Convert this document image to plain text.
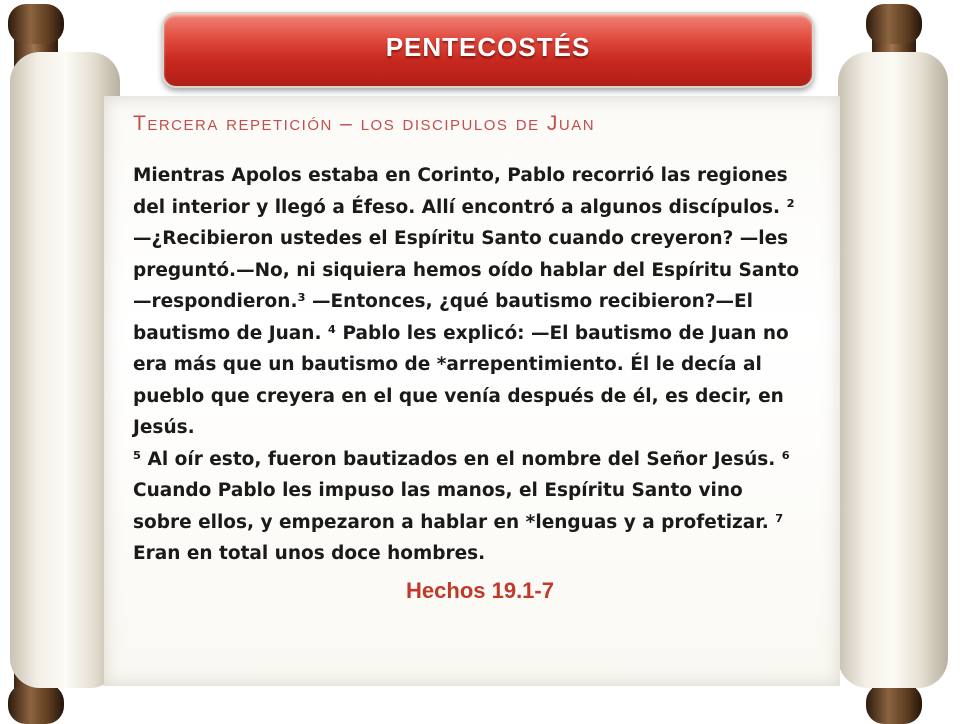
PENTECOSTÉS
Tercera repetición – los discipulos de Juan

Mientras Apolos estaba en Corinto, Pablo recorrió las regiones del interior y llegó a Éfeso. Allí encontró a algunos discípulos. ² —¿Recibieron ustedes el Espíritu Santo cuando creyeron? —les preguntó.—No, ni siquiera hemos oído hablar del Espíritu Santo —respondieron.³ —Entonces, ¿qué bautismo recibieron?—El bautismo de Juan. ⁴ Pablo les explicó: —El bautismo de Juan no era más que un bautismo de *arrepentimiento. Él le decía al pueblo que creyera en el que venía después de él, es decir, en Jesús.

⁵ Al oír esto, fueron bautizados en el nombre del Señor Jesús. ⁶ Cuando Pablo les impuso las manos, el Espíritu Santo vino sobre ellos, y empezaron a hablar en *lenguas y a profetizar. ⁷ Eran en total unos doce hombres.

Hechos 19.1-7
